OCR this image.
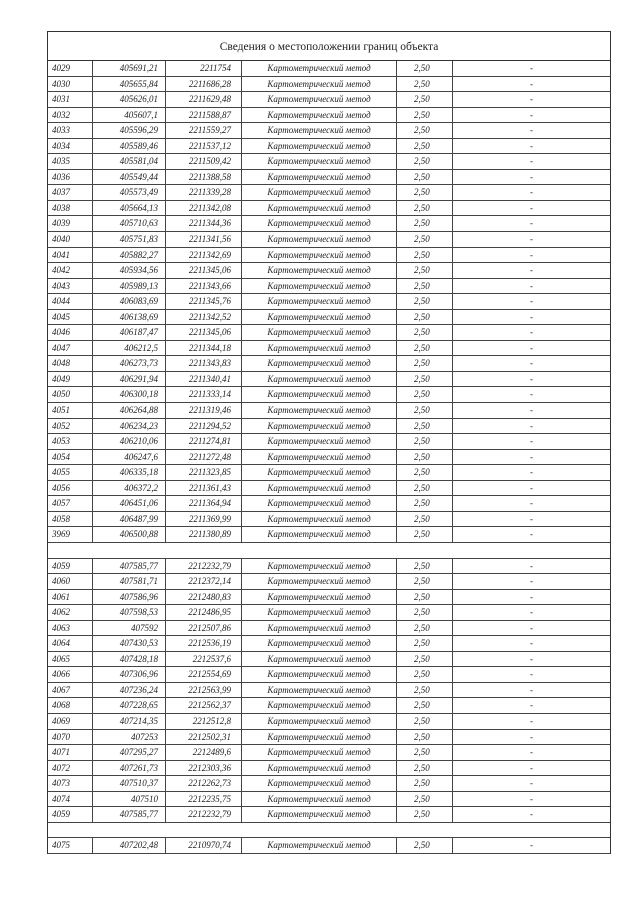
Сведения о местоположении границ объекта
4029	405691,21	2211754	Картометрический метод	2,50	-
4030	405655,84	2211686,28	Картометрический метод	2,50	-
4031	405626,01	2211629,48	Картометрический метод	2,50	-
4032	405607,1	2211588,87	Картометрический метод	2,50	-
4033	405596,29	2211559,27	Картометрический метод	2,50	-
4034	405589,46	2211537,12	Картометрический метод	2,50	-
4035	405581,04	2211509,42	Картометрический метод	2,50	-
4036	405549,44	2211388,58	Картометрический метод	2,50	-
4037	405573,49	2211339,28	Картометрический метод	2,50	-
4038	405664,13	2211342,08	Картометрический метод	2,50	-
4039	405710,63	2211344,36	Картометрический метод	2,50	-
4040	405751,83	2211341,56	Картометрический метод	2,50	-
4041	405882,27	2211342,69	Картометрический метод	2,50	-
4042	405934,56	2211345,06	Картометрический метод	2,50	-
4043	405989,13	2211343,66	Картометрический метод	2,50	-
4044	406083,69	2211345,76	Картометрический метод	2,50	-
4045	406138,69	2211342,52	Картометрический метод	2,50	-
4046	406187,47	2211345,06	Картометрический метод	2,50	-
4047	406212,5	2211344,18	Картометрический метод	2,50	-
4048	406273,73	2211343,83	Картометрический метод	2,50	-
4049	406291,94	2211340,41	Картометрический метод	2,50	-
4050	406300,18	2211333,14	Картометрический метод	2,50	-
4051	406264,88	2211319,46	Картометрический метод	2,50	-
4052	406234,23	2211294,52	Картометрический метод	2,50	-
4053	406210,06	2211274,81	Картометрический метод	2,50	-
4054	406247,6	2211272,48	Картометрический метод	2,50	-
4055	406335,18	2211323,85	Картометрический метод	2,50	-
4056	406372,2	2211361,43	Картометрический метод	2,50	-
4057	406451,06	2211364,94	Картометрический метод	2,50	-
4058	406487,99	2211369,99	Картометрический метод	2,50	-
3969	406500,88	2211380,89	Картометрический метод	2,50	-
4059	407585,77	2212232,79	Картометрический метод	2,50	-
4060	407581,71	2212372,14	Картометрический метод	2,50	-
4061	407586,96	2212480,83	Картометрический метод	2,50	-
4062	407598,53	2212486,95	Картометрический метод	2,50	-
4063	407592	2212507,86	Картометрический метод	2,50	-
4064	407430,53	2212536,19	Картометрический метод	2,50	-
4065	407428,18	2212537,6	Картометрический метод	2,50	-
4066	407306,96	2212554,69	Картометрический метод	2,50	-
4067	407236,24	2212563,99	Картометрический метод	2,50	-
4068	407228,65	2212562,37	Картометрический метод	2,50	-
4069	407214,35	2212512,8	Картометрический метод	2,50	-
4070	407253	2212502,31	Картометрический метод	2,50	-
4071	407295,27	2212489,6	Картометрический метод	2,50	-
4072	407261,73	2212303,36	Картометрический метод	2,50	-
4073	407510,37	2212262,73	Картометрический метод	2,50	-
4074	407510	2212235,75	Картометрический метод	2,50	-
4059	407585,77	2212232,79	Картометрический метод	2,50	-
4075	407202,48	2210970,74	Картометрический метод	2,50	-
